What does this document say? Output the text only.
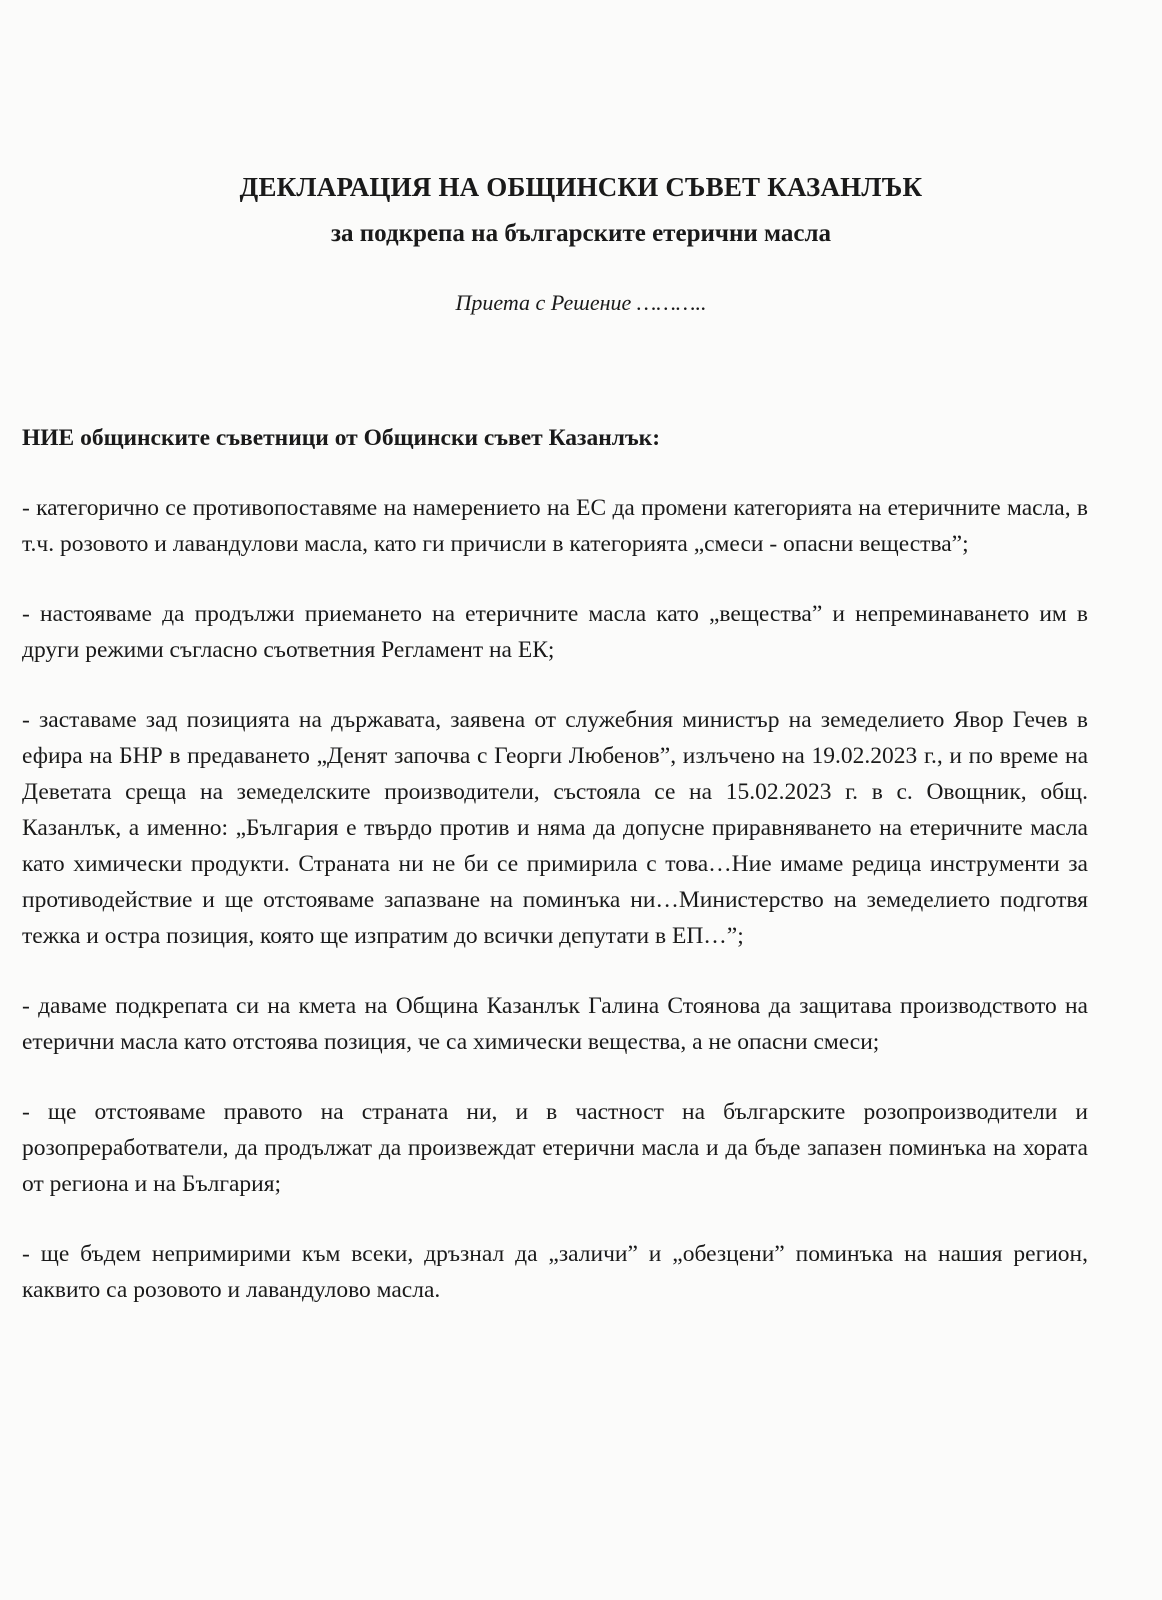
ДЕКЛАРАЦИЯ НА ОБЩИНСКИ СЪВЕТ КАЗАНЛЪК
за подкрепа на българските етерични масла
Приета с Решение ………..

НИЕ общинските съветници от Общински съвет Казанлък:

- категорично се противопоставяме на намерението на ЕС да промени категорията на етеричните масла, в т.ч. розовото и лавандулови масла, като ги причисли в категорията „смеси - опасни вещества”;

- настояваме да продължи приемането на етеричните масла като „вещества” и непреминаването им в други режими съгласно съответния Регламент на ЕК;

- заставаме зад позицията на държавата, заявена от служебния министър на земеделието Явор Гечев в ефира на БНР в предаването „Денят започва с Георги Любенов”, излъчено на 19.02.2023 г., и по време на Деветата среща на земеделските производители, състояла се на 15.02.2023 г. в с. Овощник, общ. Казанлък, а именно: „България е твърдо против и няма да допусне приравняването на етеричните масла като химически продукти. Страната ни не би се примирила с това…Ние имаме редица инструменти за противодействие и ще отстояваме запазване на поминъка ни…Министерство на земеделието подготвя тежка и остра позиция, която ще изпратим до всички депутати в ЕП…”;

- даваме подкрепата си на кмета на Община Казанлък Галина Стоянова да защитава производството на етерични масла като отстоява позиция, че са химически вещества, а не опасни смеси;

- ще отстояваме правото на страната ни, и в частност на българските розопроизводители и розопреработватели, да продължат да произвеждат етерични масла и да бъде запазен поминъка на хората от региона и на България;

- ще бъдем непримирими към всеки, дръзнал да „заличи” и „обезцени” поминъка на нашия регион, каквито са розовото и лавандулово масла.
